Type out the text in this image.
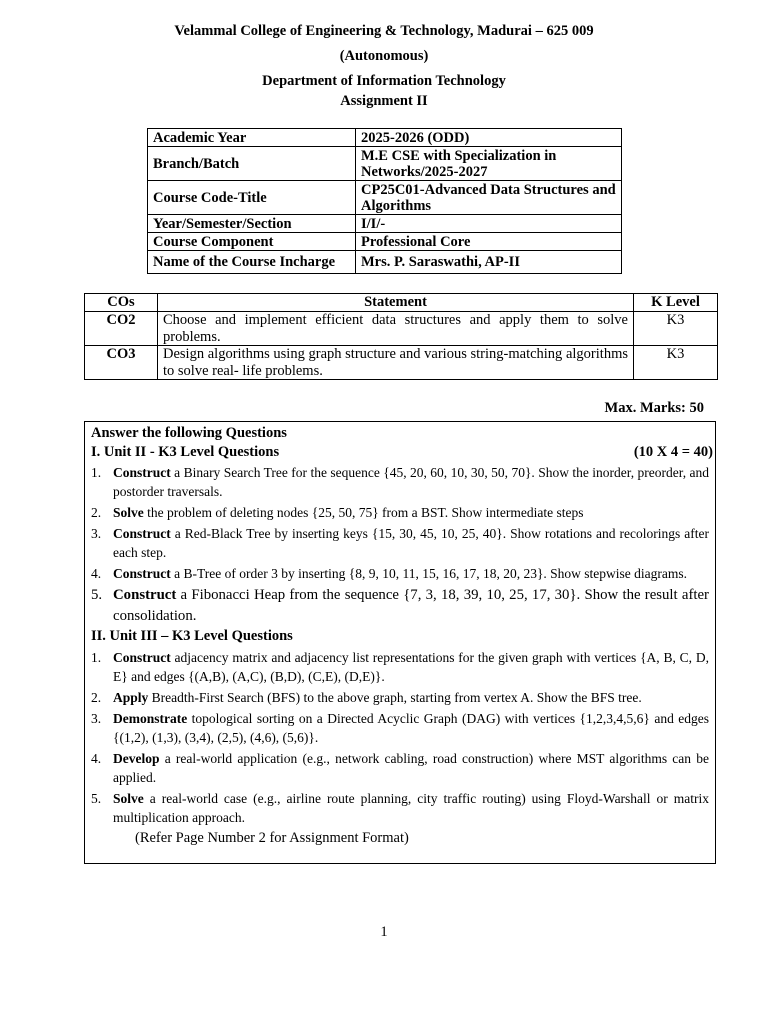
Velammal College of Engineering & Technology, Madurai – 625 009
(Autonomous)
Department of Information Technology
Assignment II
Academic Year	2025-2026 (ODD)
Branch/Batch	M.E CSE with Specialization in Networks/2025-2027
Course Code-Title	CP25C01-Advanced Data Structures and Algorithms
Year/Semester/Section	I/I/-
Course Component	Professional Core
Name of the Course Incharge	Mrs. P. Saraswathi, AP-II
COs	Statement	K Level
CO2	Choose and implement efficient data structures and apply them to solve problems.	K3
CO3	Design algorithms using graph structure and various string-matching algorithms to solve real- life problems.	K3
Max. Marks: 50
Answer the following Questions
I. Unit II - K3 Level Questions	(10 X 4 = 40)
1. Construct a Binary Search Tree for the sequence {45, 20, 60, 10, 30, 50, 70}. Show the inorder, preorder, and postorder traversals.
2. Solve the problem of deleting nodes {25, 50, 75} from a BST. Show intermediate steps
3. Construct a Red-Black Tree by inserting keys {15, 30, 45, 10, 25, 40}. Show rotations and recolorings after each step.
4. Construct a B-Tree of order 3 by inserting {8, 9, 10, 11, 15, 16, 17, 18, 20, 23}. Show stepwise diagrams.
5. Construct a Fibonacci Heap from the sequence {7, 3, 18, 39, 10, 25, 17, 30}. Show the result after consolidation.
II. Unit III – K3 Level Questions
1. Construct adjacency matrix and adjacency list representations for the given graph with vertices {A, B, C, D, E} and edges {(A,B), (A,C), (B,D), (C,E), (D,E)}.
2. Apply Breadth-First Search (BFS) to the above graph, starting from vertex A. Show the BFS tree.
3. Demonstrate topological sorting on a Directed Acyclic Graph (DAG) with vertices {1,2,3,4,5,6} and edges {(1,2), (1,3), (3,4), (2,5), (4,6), (5,6)}.
4. Develop a real-world application (e.g., network cabling, road construction) where MST algorithms can be applied.
5. Solve a real-world case (e.g., airline route planning, city traffic routing) using Floyd-Warshall or matrix multiplication approach.
(Refer Page Number 2 for Assignment Format)
1
